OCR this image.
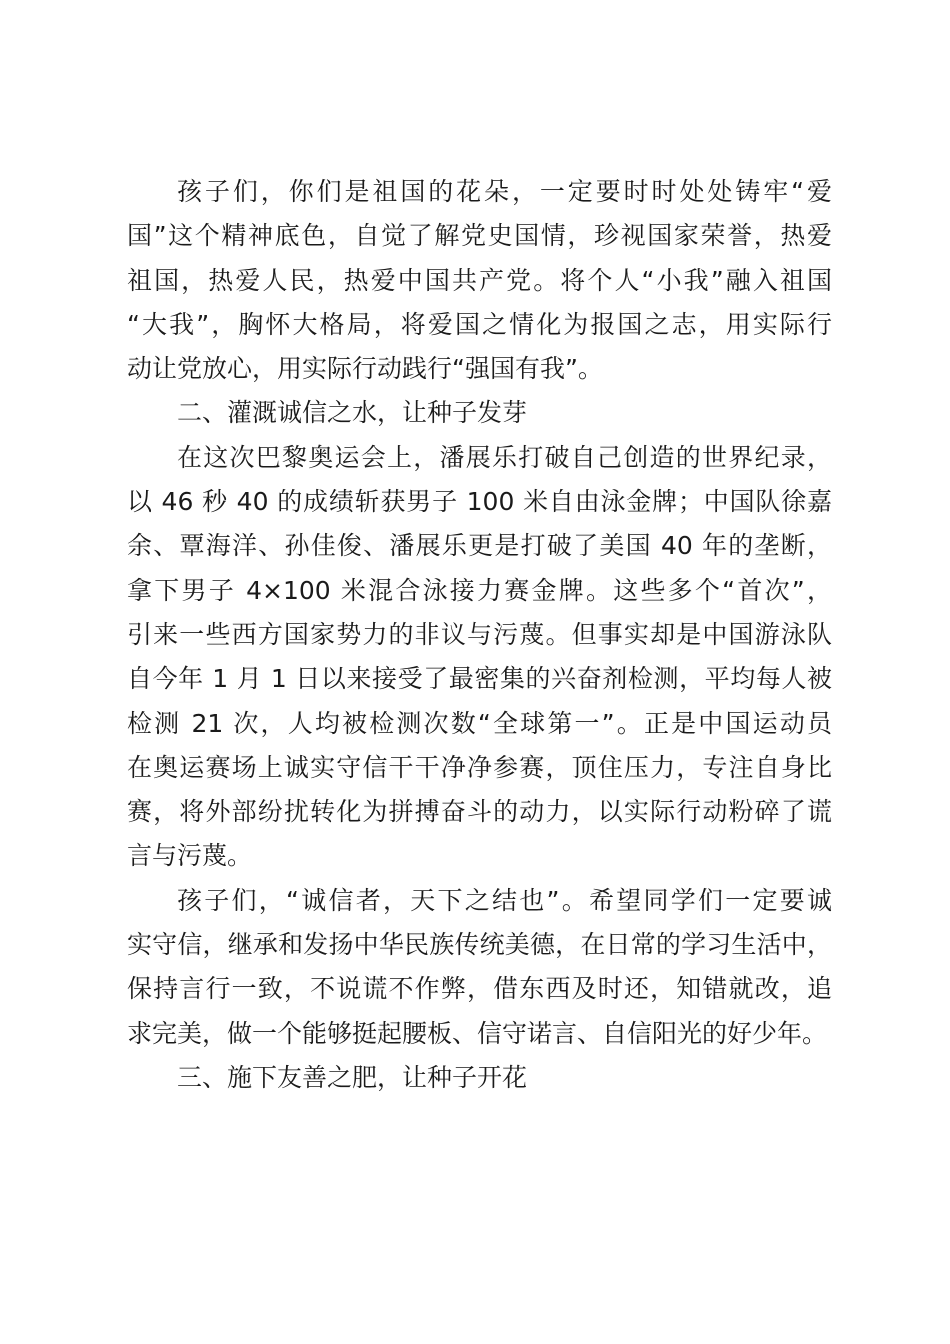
孩子们，你们是祖国的花朵，一定要时时处处铸牢“爱
国”这个精神底色，自觉了解党史国情，珍视国家荣誉，热爱
祖国，热爱人民，热爱中国共产党。将个人“小我”融入祖国
“大我”，胸怀大格局，将爱国之情化为报国之志，用实际行
动让党放心，用实际行动践行“强国有我”。
二、灌溉诚信之水，让种子发芽
在这次巴黎奥运会上，潘展乐打破自己创造的世界纪录，
以 46 秒 40 的成绩斩获男子 100 米自由泳金牌；中国队徐嘉
余、覃海洋、孙佳俊、潘展乐更是打破了美国 40 年的垄断，
拿下男子 4×100 米混合泳接力赛金牌。这些多个“首次”，
引来一些西方国家势力的非议与污蔑。但事实却是中国游泳队
自今年 1 月 1 日以来接受了最密集的兴奋剂检测，平均每人被
检测 21 次，人均被检测次数“全球第一”。正是中国运动员
在奥运赛场上诚实守信干干净净参赛，顶住压力，专注自身比
赛，将外部纷扰转化为拼搏奋斗的动力，以实际行动粉碎了谎
言与污蔑。
孩子们，“诚信者，天下之结也”。希望同学们一定要诚
实守信，继承和发扬中华民族传统美德，在日常的学习生活中，
保持言行一致，不说谎不作弊，借东西及时还，知错就改，追
求完美，做一个能够挺起腰板、信守诺言、自信阳光的好少年。
三、施下友善之肥，让种子开花
